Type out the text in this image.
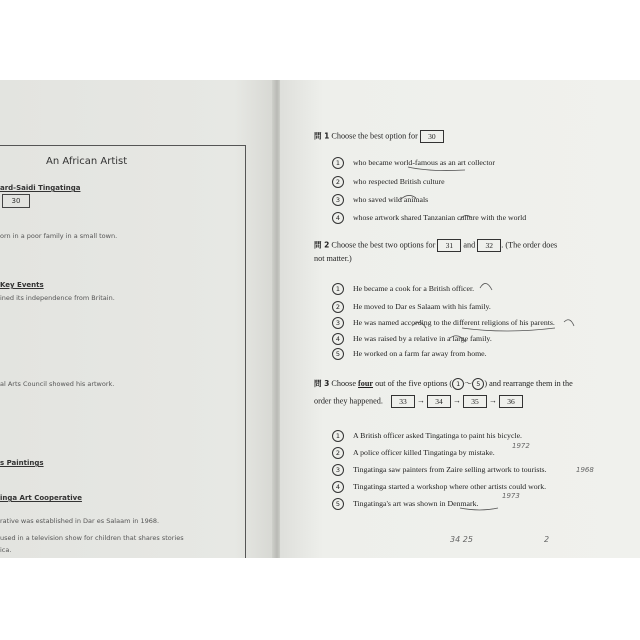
An African Artist
ard-Saidi Tingatinga
30
orn in a poor family in a small town.
Key Events
ined its independence from Britain.
al Arts Council showed his artwork.
s Paintings
inga Art Cooperative
rative was established in Dar es Salaam in 1968.
used in a television show for children that shares stories
ica.
問 1 Choose the best option for 30
1 who became world-famous as an art collector
2 who respected British culture
3 who saved wild animals
4 whose artwork shared Tanzanian culture with the world
問 2 Choose the best two options for 31 and 32 . (The order does
not matter.)
1 He became a cook for a British officer.
2 He moved to Dar es Salaam with his family.
3 He was named according to the different religions of his parents.
4 He was raised by a relative in a large family.
5 He worked on a farm far away from home.
問 3 Choose four out of the five options ( 1 ～ 5 ) and rearrange them in the
order they happened. 33 → 34 → 35 → 36
1 A British officer asked Tingatinga to paint his bicycle.
2 A police officer killed Tingatinga by mistake.
3 Tingatinga saw painters from Zaire selling artwork to tourists.
4 Tingatinga started a workshop where other artists could work.
5 Tingatinga's art was shown in Denmark.
1972
1968
1973
34 25	2
